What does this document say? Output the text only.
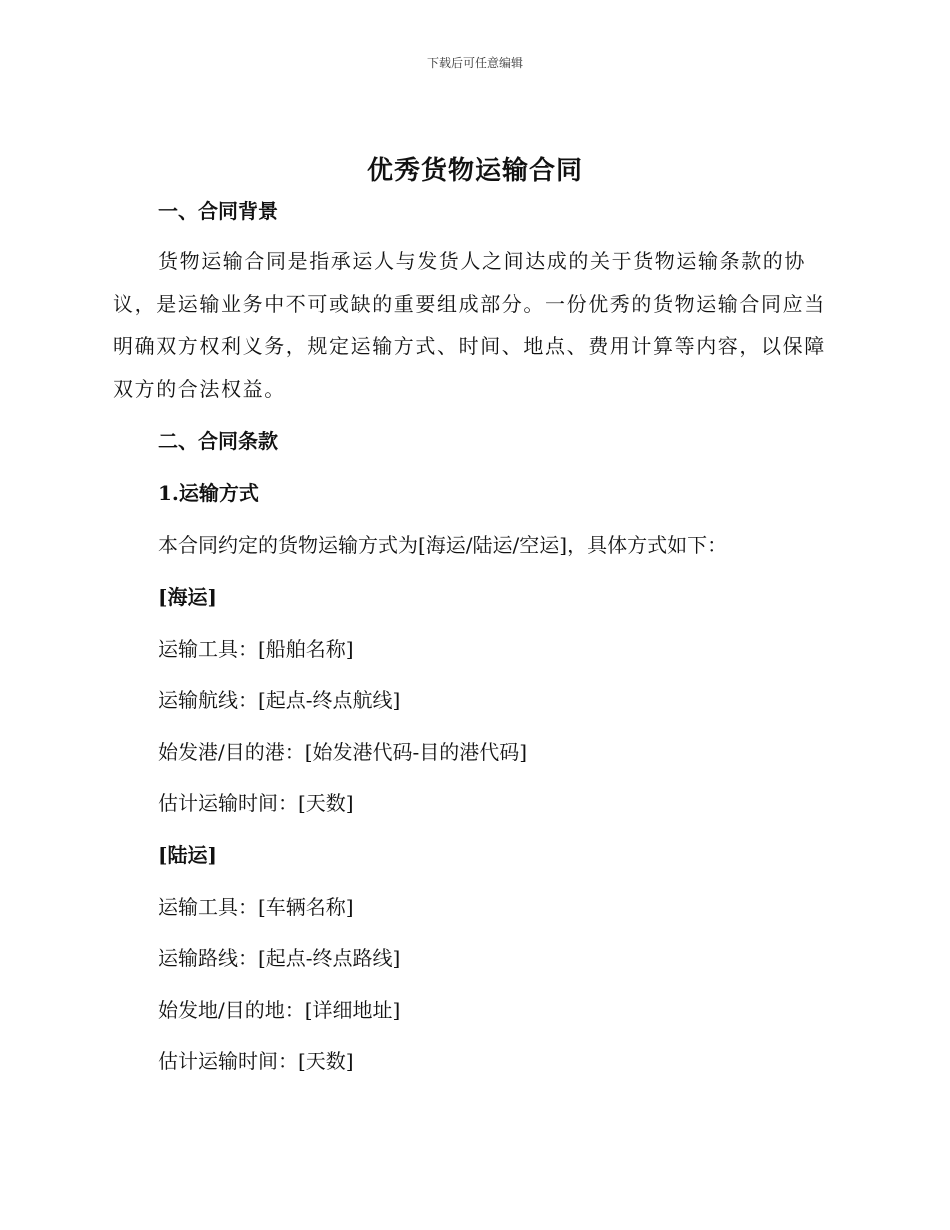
下载后可任意编辑
优秀货物运输合同
一、合同背景
货物运输合同是指承运人与发货人之间达成的关于货物运输条款的协
议，是运输业务中不可或缺的重要组成部分。一份优秀的货物运输合同应当
明确双方权利义务，规定运输方式、时间、地点、费用计算等内容，以保障
双方的合法权益。
二、合同条款
1.运输方式
本合同约定的货物运输方式为[海运/陆运/空运]，具体方式如下：
[海运]
运输工具：[船舶名称]
运输航线：[起点-终点航线]
始发港/目的港：[始发港代码-目的港代码]
估计运输时间：[天数]
[陆运]
运输工具：[车辆名称]
运输路线：[起点-终点路线]
始发地/目的地：[详细地址]
估计运输时间：[天数]
